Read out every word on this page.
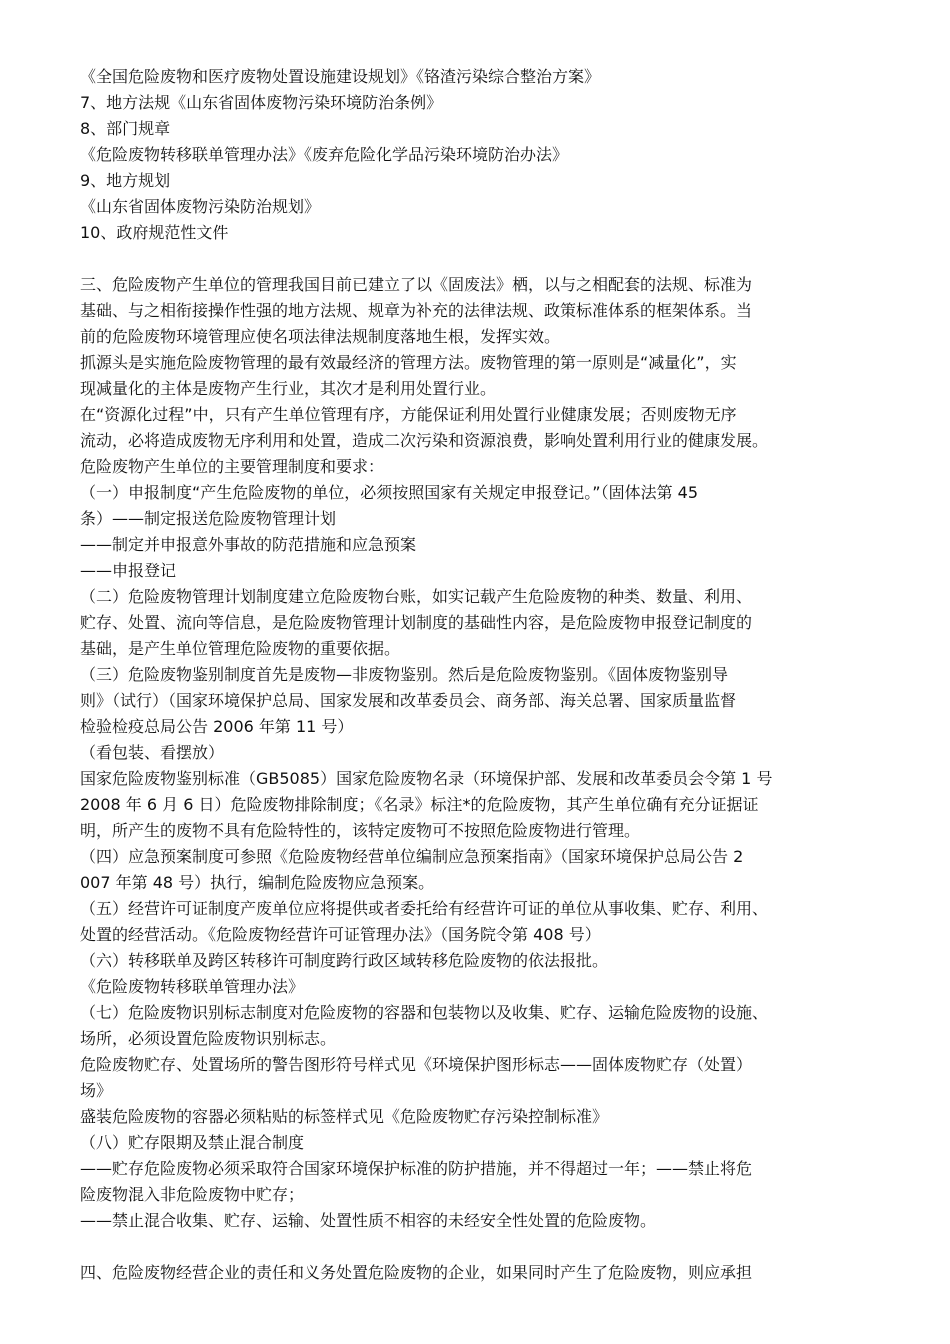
《全国危险废物和医疗废物处置设施建设规划》《铬渣污染综合整治方案》
7、地方法规《山东省固体废物污染环境防治条例》
8、部门规章
《危险废物转移联单管理办法》《废弃危险化学品污染环境防治办法》
9、地方规划
《山东省固体废物污染防治规划》
10、政府规范性文件
三、危险废物产生单位的管理我国目前已建立了以《固废法》栖，以与之相配套的法规、标准为
基础、与之相衔接操作性强的地方法规、规章为补充的法律法规、政策标准体系的框架体系。当
前的危险废物环境管理应使名项法律法规制度落地生根，发挥实效。
抓源头是实施危险废物管理的最有效最经济的管理方法。废物管理的第一原则是“减量化”，实
现减量化的主体是废物产生行业，其次才是利用处置行业。
在“资源化过程”中，只有产生单位管理有序，方能保证利用处置行业健康发展；否则废物无序
流动，必将造成废物无序利用和处置，造成二次污染和资源浪费，影响处置利用行业的健康发展。
危险废物产生单位的主要管理制度和要求：
（一）申报制度“产生危险废物的单位，必须按照国家有关规定申报登记。”（固体法第 45
条）——制定报送危险废物管理计划
——制定并申报意外事故的防范措施和应急预案
——申报登记
（二）危险废物管理计划制度建立危险废物台账，如实记载产生危险废物的种类、数量、利用、
贮存、处置、流向等信息，是危险废物管理计划制度的基础性内容，是危险废物申报登记制度的
基础，是产生单位管理危险废物的重要依据。
（三）危险废物鉴别制度首先是废物—非废物鉴别。然后是危险废物鉴别。《固体废物鉴别导
则》（试行）（国家环境保护总局、国家发展和改革委员会、商务部、海关总署、国家质量监督
检验检疫总局公告 2006 年第 11 号）
（看包装、看摆放）
国家危险废物鉴别标准（GB5085）国家危险废物名录（环境保护部、发展和改革委员会令第 1 号
2008 年 6 月 6 日）危险废物排除制度；《名录》标注*的危险废物，其产生单位确有充分证据证
明，所产生的废物不具有危险特性的，该特定废物可不按照危险废物进行管理。
（四）应急预案制度可参照《危险废物经营单位编制应急预案指南》（国家环境保护总局公告 2
007 年第 48 号）执行，编制危险废物应急预案。
（五）经营许可证制度产废单位应将提供或者委托给有经营许可证的单位从事收集、贮存、利用、
处置的经营活动。《危险废物经营许可证管理办法》（国务院令第 408 号）
（六）转移联单及跨区转移许可制度跨行政区域转移危险废物的依法报批。
《危险废物转移联单管理办法》
（七）危险废物识别标志制度对危险废物的容器和包装物以及收集、贮存、运输危险废物的设施、
场所，必须设置危险废物识别标志。
危险废物贮存、处置场所的警告图形符号样式见《环境保护图形标志——固体废物贮存（处置）
场》
盛装危险废物的容器必须粘贴的标签样式见《危险废物贮存污染控制标准》
（八）贮存限期及禁止混合制度
——贮存危险废物必须采取符合国家环境保护标准的防护措施，并不得超过一年；——禁止将危
险废物混入非危险废物中贮存；
——禁止混合收集、贮存、运输、处置性质不相容的未经安全性处置的危险废物。
四、危险废物经营企业的责任和义务处置危险废物的企业，如果同时产生了危险废物，则应承担
